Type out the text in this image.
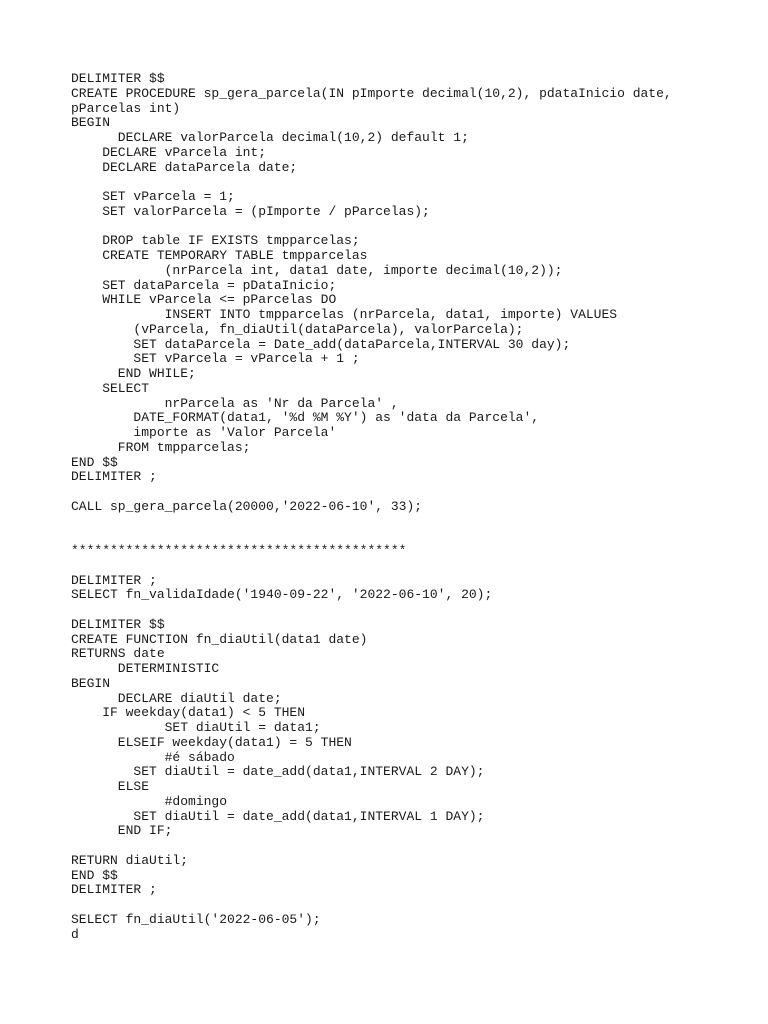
DELIMITER $$
CREATE PROCEDURE sp_gera_parcela(IN pImporte decimal(10,2), pdataInicio date,
pParcelas int)
BEGIN
DECLARE valorParcela decimal(10,2) default 1;
DECLARE vParcela int;
DECLARE dataParcela date;
SET vParcela = 1;
SET valorParcela = (pImporte / pParcelas);
DROP table IF EXISTS tmpparcelas;
CREATE TEMPORARY TABLE tmpparcelas
(nrParcela int, data1 date, importe decimal(10,2));
SET dataParcela = pDataInicio;
WHILE vParcela <= pParcelas DO
INSERT INTO tmpparcelas (nrParcela, data1, importe) VALUES
(vParcela, fn_diaUtil(dataParcela), valorParcela);
SET dataParcela = Date_add(dataParcela,INTERVAL 30 day);
SET vParcela = vParcela + 1 ;
END WHILE;
SELECT
nrParcela as 'Nr da Parcela' ,
DATE_FORMAT(data1, '%d %M %Y') as 'data da Parcela',
importe as 'Valor Parcela'
FROM tmpparcelas;
END $$
DELIMITER ;
CALL sp_gera_parcela(20000,'2022-06-10', 33);
*******************************************
DELIMITER ;
SELECT fn_validaIdade('1940-09-22', '2022-06-10', 20);
DELIMITER $$
CREATE FUNCTION fn_diaUtil(data1 date)
RETURNS date
DETERMINISTIC
BEGIN
DECLARE diaUtil date;
IF weekday(data1) < 5 THEN
SET diaUtil = data1;
ELSEIF weekday(data1) = 5 THEN
#é sábado
SET diaUtil = date_add(data1,INTERVAL 2 DAY);
ELSE
#domingo
SET diaUtil = date_add(data1,INTERVAL 1 DAY);
END IF;
RETURN diaUtil;
END $$
DELIMITER ;
SELECT fn_diaUtil('2022-06-05');
d
